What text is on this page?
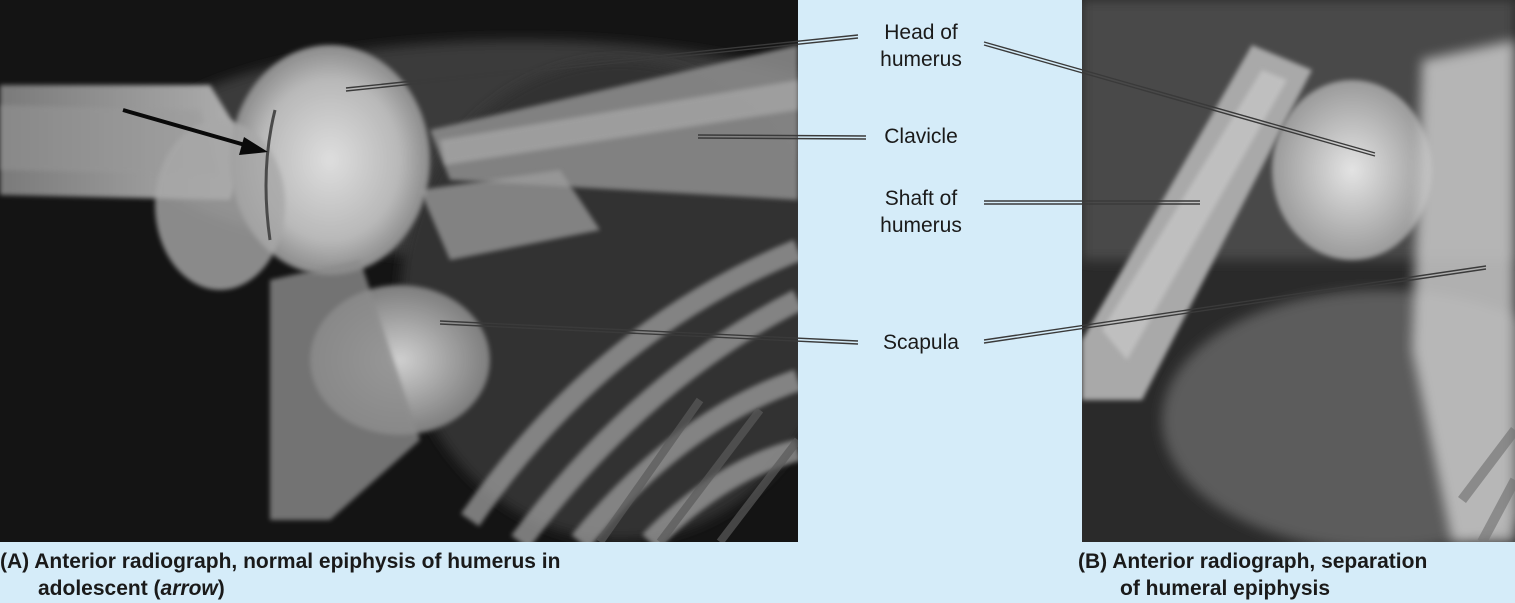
Head of
humerus
Clavicle
Shaft of
humerus
Scapula
(A) Anterior radiograph, normal epiphysis of humerus in
adolescent (arrow)
(B) Anterior radiograph, separation
of humeral epiphysis
